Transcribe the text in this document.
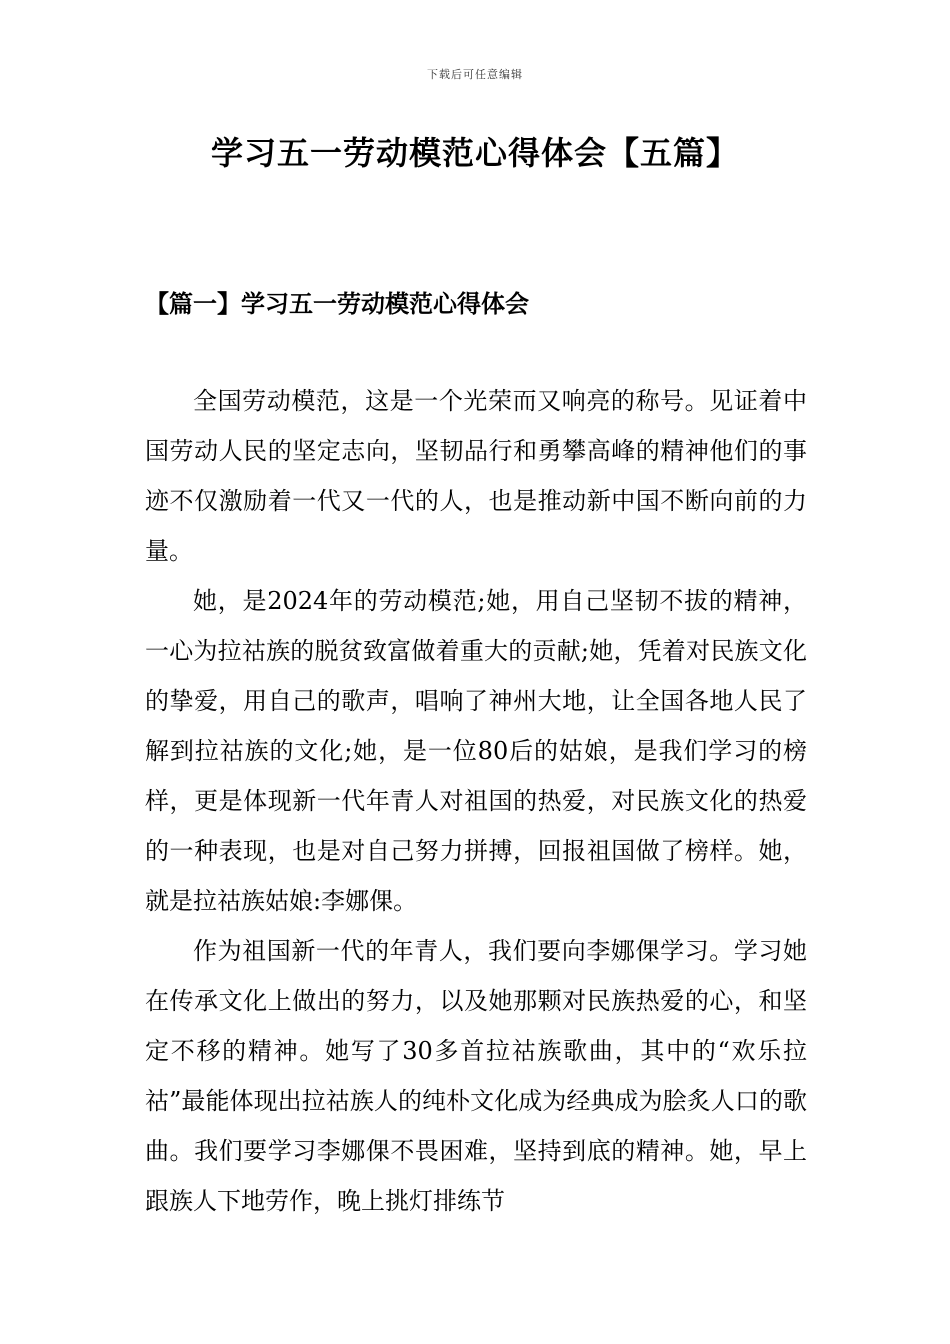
下载后可任意编辑
学习五一劳动模范心得体会【五篇】
【篇一】学习五一劳动模范心得体会

全国劳动模范，这是一个光荣而又响亮的称号。见证着中国劳动人民的坚定志向，坚韧品行和勇攀高峰的精神他们的事迹不仅激励着一代又一代的人，也是推动新中国不断向前的力量。

她，是2024年的劳动模范;她，用自己坚韧不拔的精神，一心为拉祜族的脱贫致富做着重大的贡献;她，凭着对民族文化的挚爱，用自己的歌声，唱响了神州大地，让全国各地人民了解到拉祜族的文化;她，是一位80后的姑娘，是我们学习的榜样，更是体现新一代年青人对祖国的热爱，对民族文化的热爱的一种表现，也是对自己努力拼搏，回报祖国做了榜样。她，就是拉祜族姑娘:李娜倮。

作为祖国新一代的年青人，我们要向李娜倮学习。学习她在传承文化上做出的努力，以及她那颗对民族热爱的心，和坚定不移的精神。她写了30多首拉祜族歌曲，其中的“欢乐拉祜”最能体现出拉祜族人的纯朴文化成为经典成为脍炙人口的歌曲。我们要学习李娜倮不畏困难，坚持到底的精神。她，早上跟族人下地劳作，晚上挑灯排练节
